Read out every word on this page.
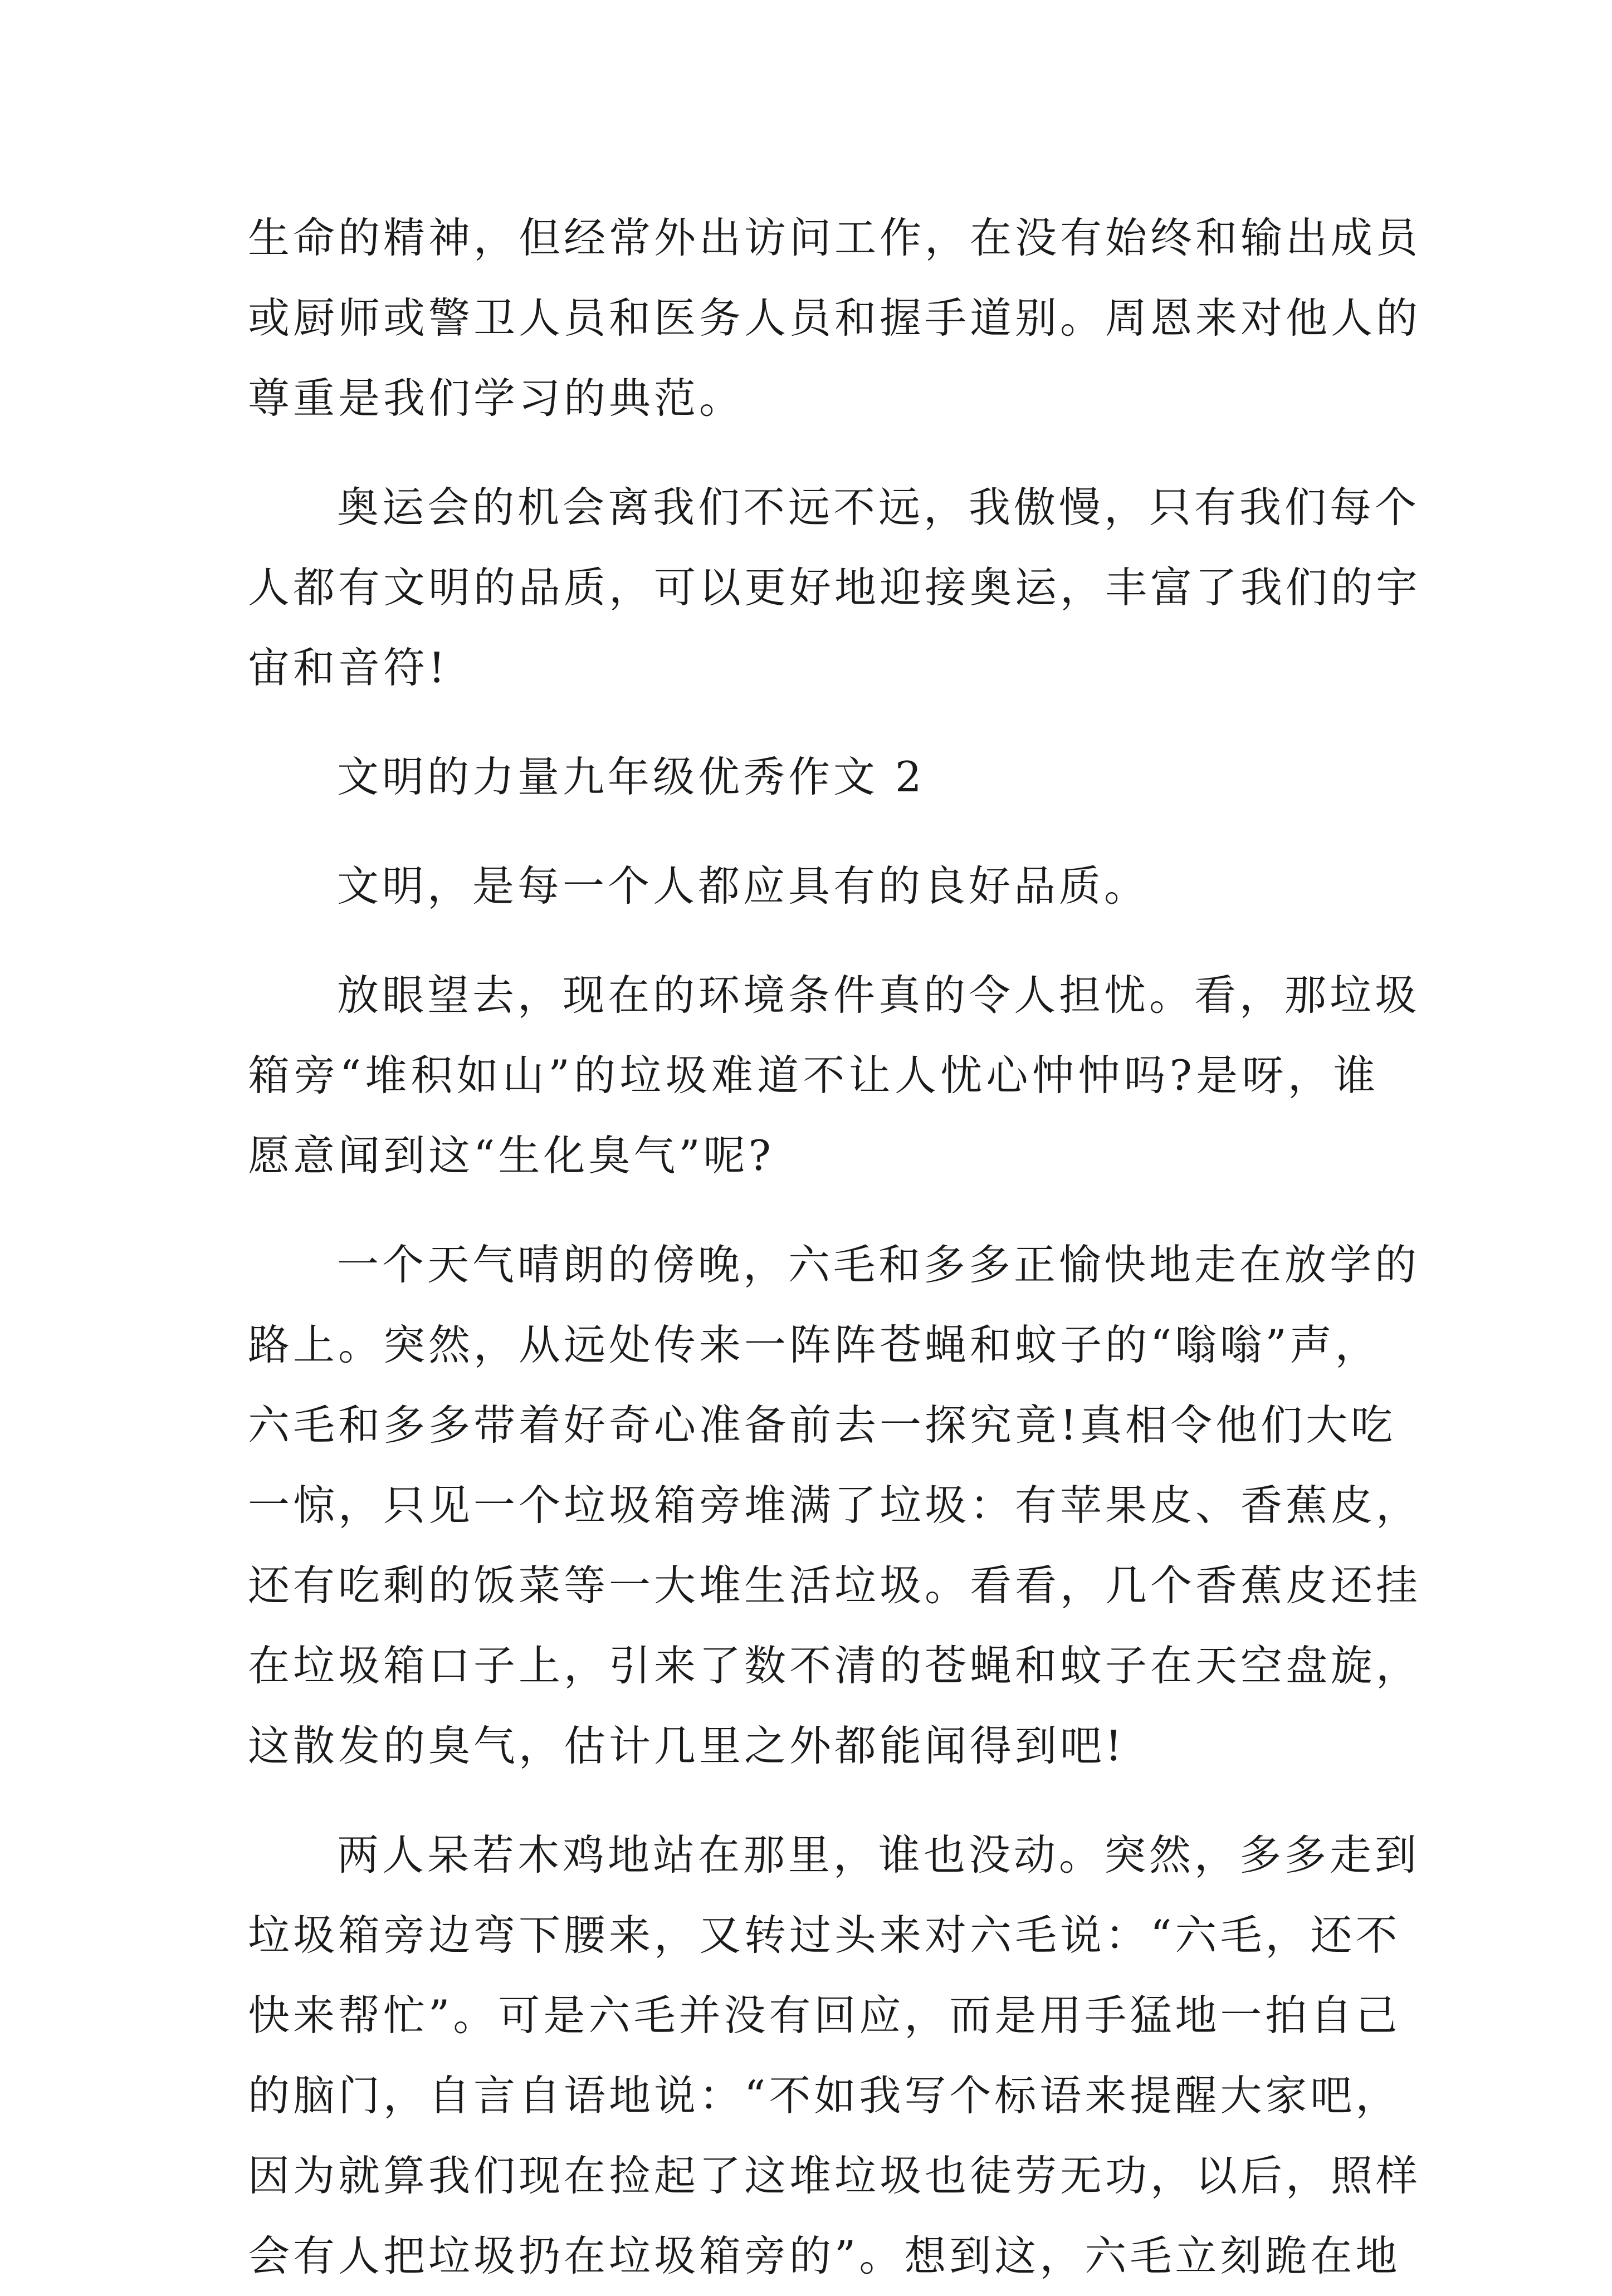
生命的精神，但经常外出访问工作，在没有始终和输出成员
或厨师或警卫人员和医务人员和握手道别。周恩来对他人的
尊重是我们学习的典范。
奥运会的机会离我们不远不远，我傲慢，只有我们每个
人都有文明的品质，可以更好地迎接奥运，丰富了我们的宇
宙和音符!
文明的力量九年级优秀作文 2
文明，是每一个人都应具有的良好品质。
放眼望去，现在的环境条件真的令人担忧。看，那垃圾
箱旁“堆积如山”的垃圾难道不让人忧心忡忡吗?是呀，谁
愿意闻到这“生化臭气”呢?
一个天气晴朗的傍晚，六毛和多多正愉快地走在放学的
路上。突然，从远处传来一阵阵苍蝇和蚊子的“嗡嗡”声，
六毛和多多带着好奇心准备前去一探究竟!真相令他们大吃
一惊，只见一个垃圾箱旁堆满了垃圾：有苹果皮、香蕉皮，
还有吃剩的饭菜等一大堆生活垃圾。看看，几个香蕉皮还挂
在垃圾箱口子上，引来了数不清的苍蝇和蚊子在天空盘旋，
这散发的臭气，估计几里之外都能闻得到吧!
两人呆若木鸡地站在那里，谁也没动。突然，多多走到
垃圾箱旁边弯下腰来，又转过头来对六毛说：“六毛，还不
快来帮忙”。可是六毛并没有回应，而是用手猛地一拍自己
的脑门，自言自语地说：“不如我写个标语来提醒大家吧，
因为就算我们现在捡起了这堆垃圾也徒劳无功，以后，照样
会有人把垃圾扔在垃圾箱旁的”。想到这，六毛立刻跪在地
